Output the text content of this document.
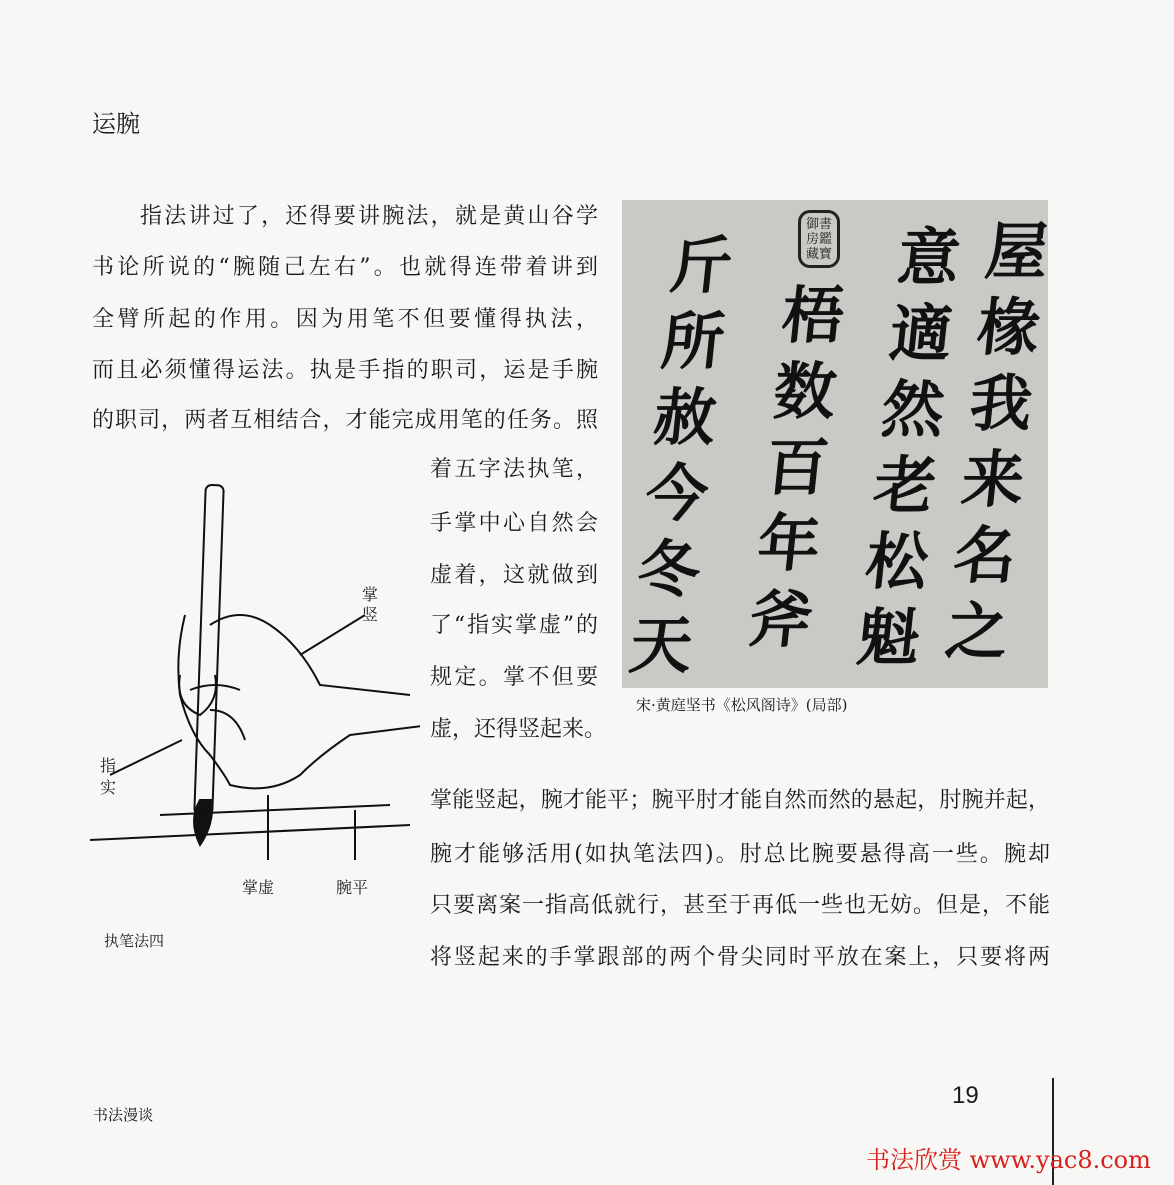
运腕
指法讲过了，还得要讲腕法，就是黄山谷学
书论所说的“腕随己左右”。也就得连带着讲到
全臂所起的作用。因为用笔不但要懂得执法，
而且必须懂得运法。执是手指的职司，运是手腕
的职司，两者互相结合，才能完成用笔的任务。照
着五字法执笔，
手掌中心自然会
虚着，这就做到
了“指实掌虚”的
规定。掌不但要
虚，还得竖起来。
掌能竖起，腕才能平；腕平肘才能自然而然的悬起，肘腕并起，
腕才能够活用(如执笔法四)。肘总比腕要悬得高一些。腕却
只要离案一指高低就行，甚至于再低一些也无妨。但是，不能
将竖起来的手掌跟部的两个骨尖同时平放在案上，只要将两
屋
椽
我
来
名
之
意
適
然
老
松
魁
梧
数
百
年
斧
斤
所
赦
今
冬
天
御書房鑑藏寶
宋·黄庭坚书《松风阁诗》(局部)
掌竖
指实
掌虚	腕平
执笔法四
19
书法漫谈
书法欣赏 www.yac8.com
